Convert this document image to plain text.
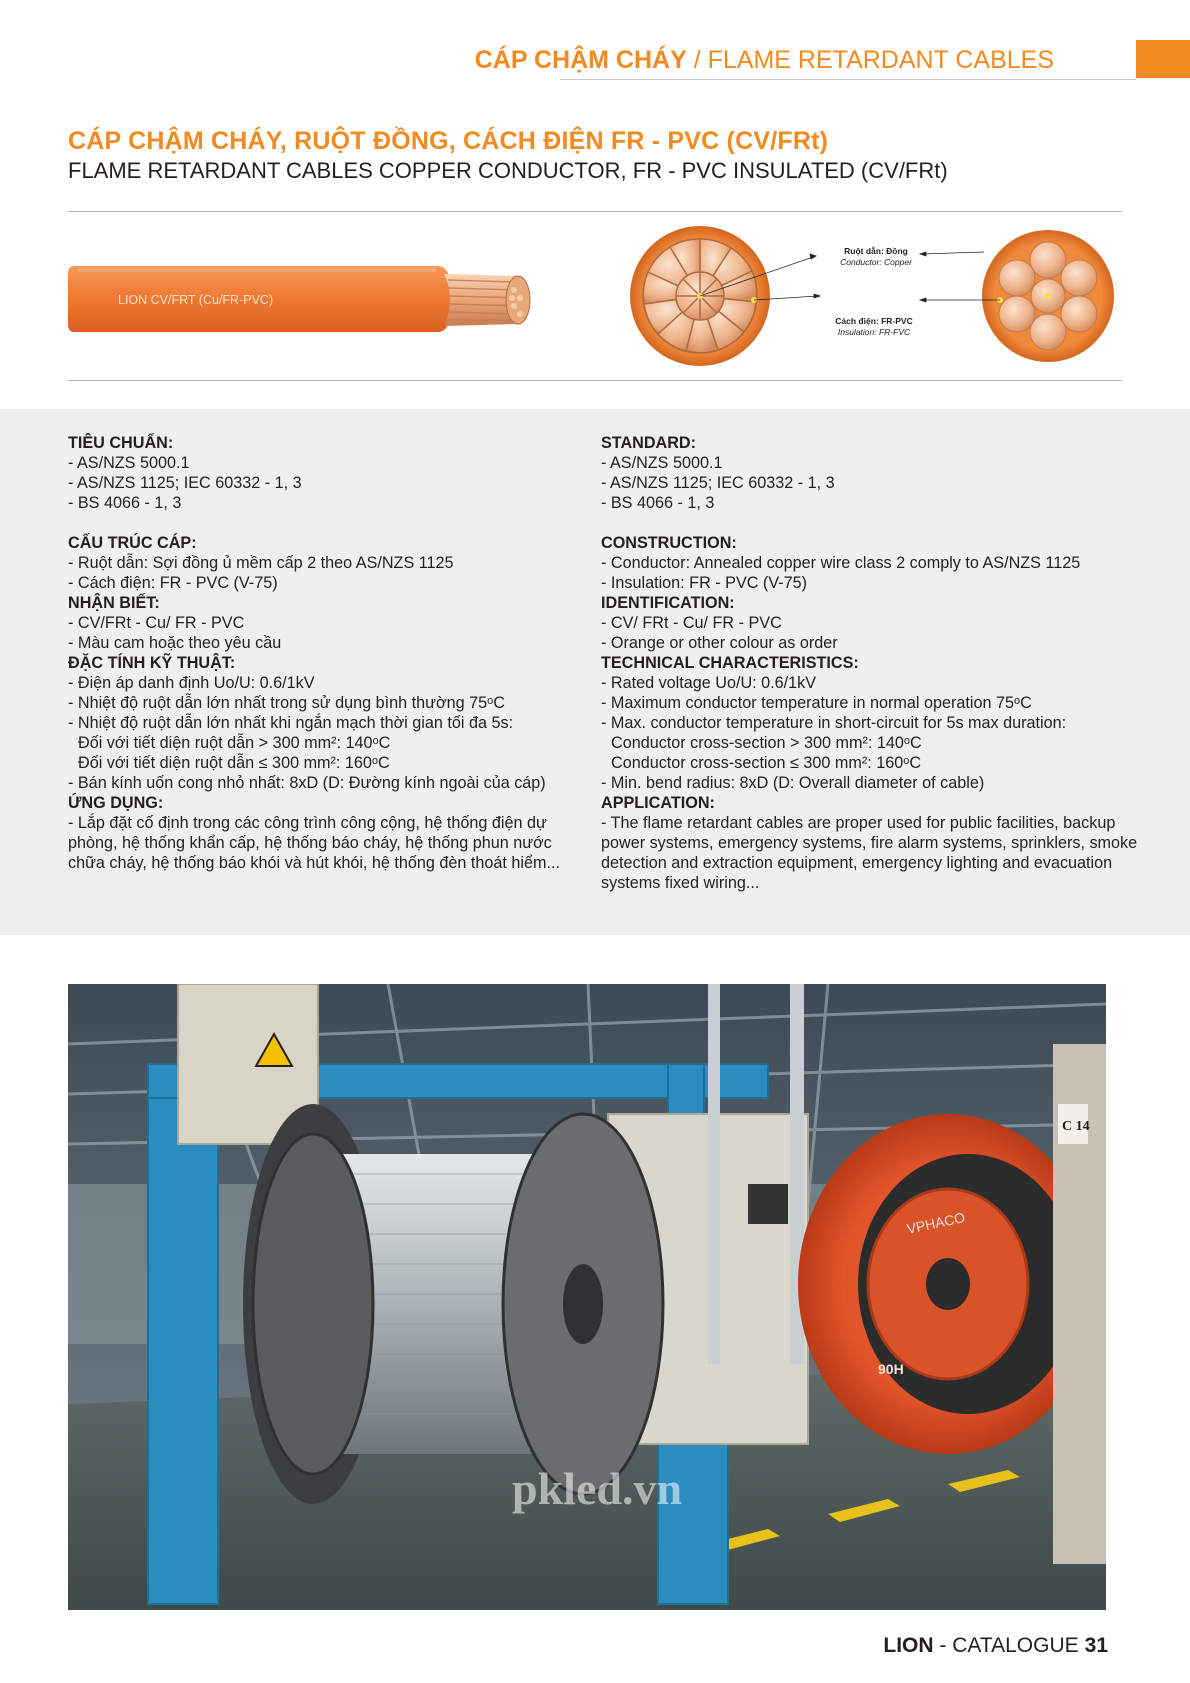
CÁP CHẬM CHÁY / FLAME RETARDANT CABLES
CÁP CHẬM CHÁY, RUỘT ĐỒNG, CÁCH ĐIỆN FR - PVC (CV/FRt)
FLAME RETARDANT CABLES COPPER CONDUCTOR, FR - PVC INSULATED (CV/FRt)
LION CV/FRT (Cu/FR-PVC)
Ruột dẫn: Đồng
Conductor: Copper
Cách điện: FR-PVC
Insulation: FR-FVC
TIÊU CHUẨN:
- AS/NZS 5000.1
- AS/NZS 1125; IEC 60332 - 1, 3
- BS 4066 - 1, 3
CẤU TRÚC CÁP:
- Ruột dẫn: Sợi đồng ủ mềm cấp 2 theo AS/NZS 1125
- Cách điện: FR - PVC (V-75)
NHẬN BIẾT:
- CV/FRt - Cu/ FR - PVC
- Màu cam hoặc theo yêu cầu
ĐẶC TÍNH KỸ THUẬT:
- Điện áp danh định Uo/U: 0.6/1kV
- Nhiệt độ ruột dẫn lớn nhất trong sử dụng bình thường 75ᵒC
- Nhiệt độ ruột dẫn lớn nhất khi ngắn mạch thời gian tối đa 5s:
Đối với tiết diện ruột dẫn > 300 mm²: 140ᵒC
Đối với tiết diện ruột dẫn ≤ 300 mm²: 160ᵒC
- Bán kính uốn cong nhỏ nhất: 8xD (D: Đường kính ngoài của cáp)
ỨNG DỤNG:
- Lắp đặt cố định trong các công trình công cộng, hệ thống điện dự phòng, hệ thống khẩn cấp, hệ thống báo cháy, hệ thống phun nước chữa cháy, hệ thống báo khói và hút khói, hệ thống đèn thoát hiểm...
STANDARD:
- AS/NZS 5000.1
- AS/NZS 1125; IEC 60332 - 1, 3
- BS 4066 - 1, 3
CONSTRUCTION:
- Conductor: Annealed copper wire class 2 comply to AS/NZS 1125
- Insulation: FR - PVC (V-75)
IDENTIFICATION:
- CV/ FRt - Cu/ FR - PVC
- Orange or other colour as order
TECHNICAL CHARACTERISTICS:
- Rated voltage Uo/U: 0.6/1kV
- Maximum conductor temperature in normal operation 75ᵒC
- Max. conductor temperature in short-circuit for 5s max duration:
Conductor cross-section > 300 mm²: 140ᵒC
Conductor cross-section ≤ 300 mm²: 160ᵒC
- Min. bend radius: 8xD (D: Overall diameter of cable)
APPLICATION:
- The flame retardant cables are proper used for public facilities, backup power systems, emergency systems, fire alarm systems, sprinklers, smoke detection and extraction equipment, emergency lighting and evacuation systems fixed wiring...
VPHACO
90H
C 14
pkled.vn
LION - CATALOGUE 31
